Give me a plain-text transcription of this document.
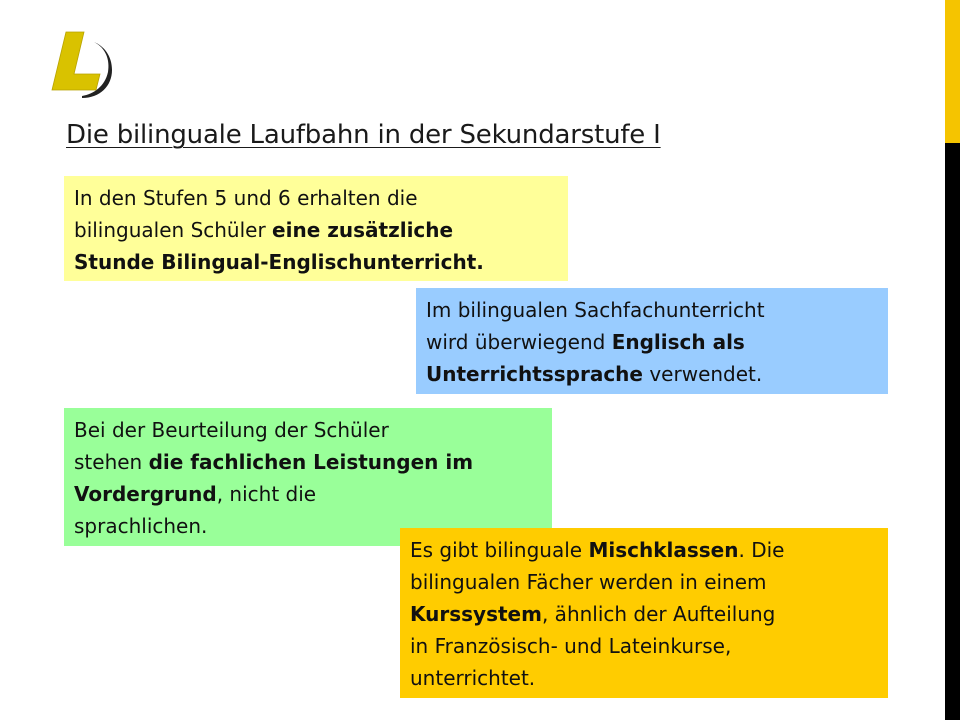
Die bilinguale Laufbahn in der Sekundarstufe I
In den Stufen 5 und 6 erhalten die
bilingualen Schüler eine zusätzliche
Stunde Bilingual-Englischunterricht.
Im bilingualen Sachfachunterricht
wird überwiegend Englisch als
Unterrichtssprache verwendet.
Bei der Beurteilung der Schüler
stehen die fachlichen Leistungen im
Vordergrund, nicht die
sprachlichen.
Es gibt bilinguale Mischklassen. Die
bilingualen Fächer werden in einem
Kurssystem, ähnlich der Aufteilung
in Französisch- und Lateinkurse,
unterrichtet.
